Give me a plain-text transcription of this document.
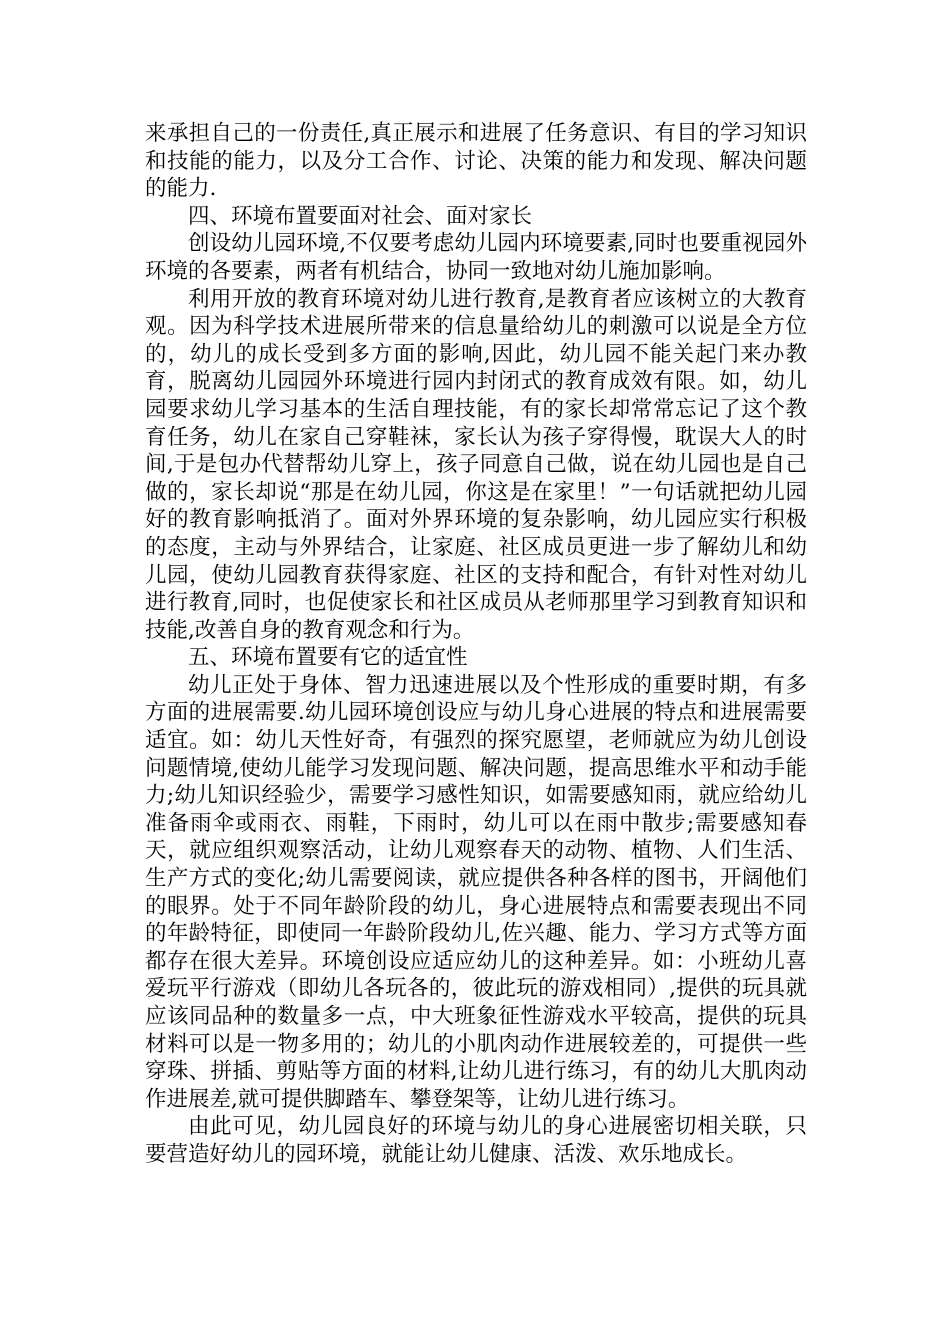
来承担自己的一份责任,真正展示和进展了任务意识、有目的学习知识和技能的能力，以及分工合作、讨论、决策的能力和发现、解决问题的能力.

四、环境布置要面对社会、面对家长

创设幼儿园环境,不仅要考虑幼儿园内环境要素,同时也要重视园外环境的各要素，两者有机结合，协同一致地对幼儿施加影响。

利用开放的教育环境对幼儿进行教育,是教育者应该树立的大教育观。因为科学技术进展所带来的信息量给幼儿的刺激可以说是全方位的，幼儿的成长受到多方面的影响,因此，幼儿园不能关起门来办教育，脱离幼儿园园外环境进行园内封闭式的教育成效有限。如，幼儿园要求幼儿学习基本的生活自理技能，有的家长却常常忘记了这个教育任务，幼儿在家自己穿鞋袜，家长认为孩子穿得慢，耽误大人的时间,于是包办代替帮幼儿穿上，孩子同意自己做，说在幼儿园也是自己做的，家长却说“那是在幼儿园，你这是在家里！”一句话就把幼儿园好的教育影响抵消了。面对外界环境的复杂影响，幼儿园应实行积极的态度，主动与外界结合，让家庭、社区成员更进一步了解幼儿和幼儿园，使幼儿园教育获得家庭、社区的支持和配合，有针对性对幼儿进行教育,同时，也促使家长和社区成员从老师那里学习到教育知识和技能,改善自身的教育观念和行为。

五、环境布置要有它的适宜性

幼儿正处于身体、智力迅速进展以及个性形成的重要时期，有多方面的进展需要.幼儿园环境创设应与幼儿身心进展的特点和进展需要适宜。如：幼儿天性好奇，有强烈的探究愿望，老师就应为幼儿创设问题情境,使幼儿能学习发现问题、解决问题，提高思维水平和动手能力;幼儿知识经验少，需要学习感性知识，如需要感知雨，就应给幼儿准备雨伞或雨衣、雨鞋，下雨时，幼儿可以在雨中散步;需要感知春天，就应组织观察活动，让幼儿观察春天的动物、植物、人们生活、生产方式的变化;幼儿需要阅读，就应提供各种各样的图书，开阔他们的眼界。处于不同年龄阶段的幼儿，身心进展特点和需要表现出不同的年龄特征，即使同一年龄阶段幼儿,佐兴趣、能力、学习方式等方面都存在很大差异。环境创设应适应幼儿的这种差异。如：小班幼儿喜爱玩平行游戏（即幼儿各玩各的，彼此玩的游戏相同）,提供的玩具就应该同品种的数量多一点，中大班象征性游戏水平较高，提供的玩具材料可以是一物多用的；幼儿的小肌肉动作进展较差的，可提供一些穿珠、拼插、剪贴等方面的材料,让幼儿进行练习，有的幼儿大肌肉动作进展差,就可提供脚踏车、攀登架等，让幼儿进行练习。

由此可见，幼儿园良好的环境与幼儿的身心进展密切相关联，只要营造好幼儿的园环境，就能让幼儿健康、活泼、欢乐地成长。
